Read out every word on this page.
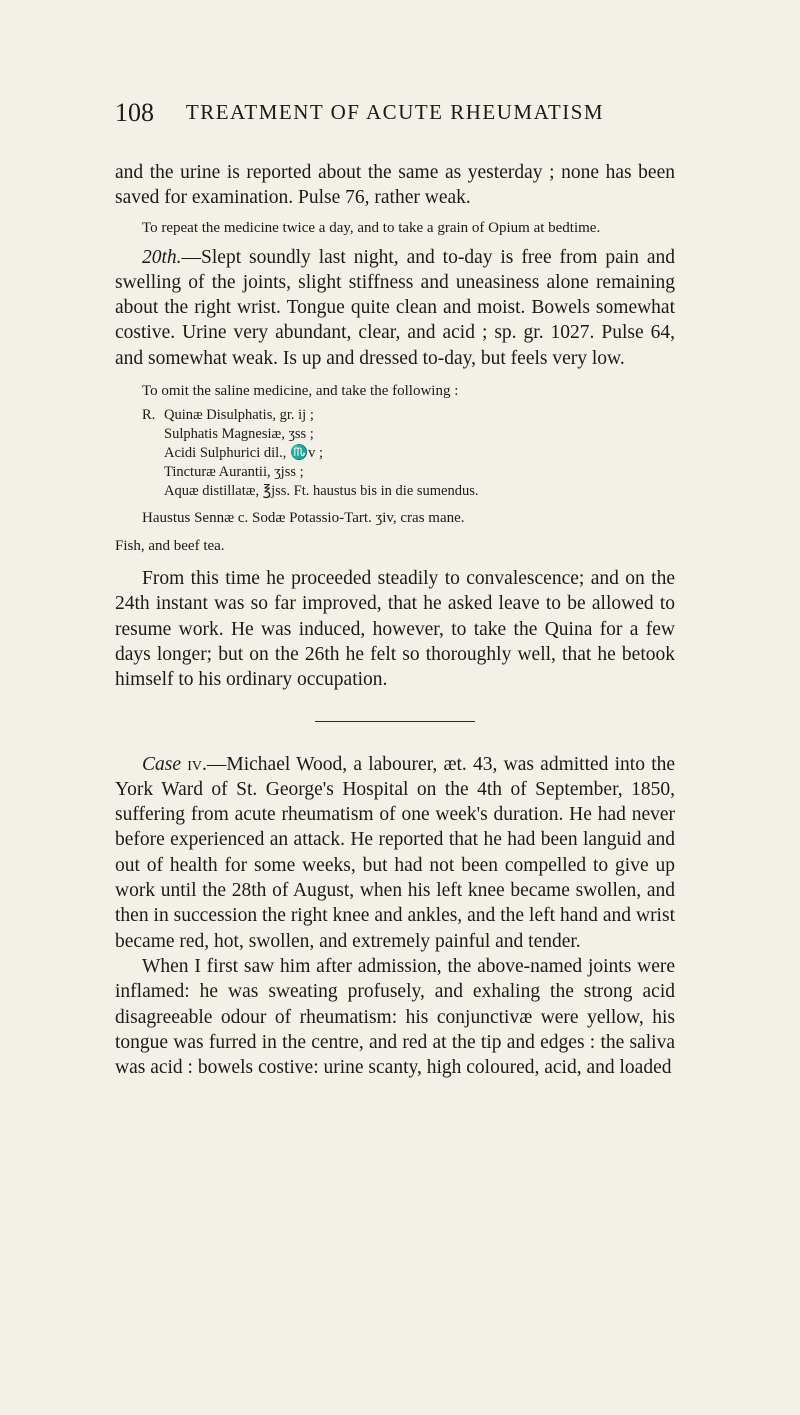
108	TREATMENT OF ACUTE RHEUMATISM

and the urine is reported about the same as yesterday ; none has been saved for examination. Pulse 76, rather weak.

To repeat the medicine twice a day, and to take a grain of Opium at bedtime.

20th.—Slept soundly last night, and to-day is free from pain and swelling of the joints, slight stiffness and uneasiness alone remaining about the right wrist. Tongue quite clean and moist. Bowels somewhat costive. Urine very abundant, clear, and acid ; sp. gr. 1027. Pulse 64, and somewhat weak. Is up and dressed to-day, but feels very low.

To omit the saline medicine, and take the following :

R. Quinæ Disulphatis, gr. ij ;
Sulphatis Magnesiæ, ʒss ;
Acidi Sulphurici dil., ♏v ;
Tincturæ Aurantii, ʒjss ;
Aquæ distillatæ, ℥jss. Ft. haustus bis in die sumendus.

Haustus Sennæ c. Sodæ Potassio-Tart. ʒiv, cras mane.

Fish, and beef tea.

From this time he proceeded steadily to convalescence; and on the 24th instant was so far improved, that he asked leave to be allowed to resume work. He was induced, however, to take the Quina for a few days longer; but on the 26th he felt so thoroughly well, that he betook himself to his ordinary occupation.

Case iv.—Michael Wood, a labourer, æt. 43, was admitted into the York Ward of St. George's Hospital on the 4th of September, 1850, suffering from acute rheumatism of one week's duration. He had never before experienced an attack. He reported that he had been languid and out of health for some weeks, but had not been compelled to give up work until the 28th of August, when his left knee became swollen, and then in succession the right knee and ankles, and the left hand and wrist became red, hot, swollen, and extremely painful and tender.

When I first saw him after admission, the above-named joints were inflamed: he was sweating profusely, and exhaling the strong acid disagreeable odour of rheumatism: his conjunctivæ were yellow, his tongue was furred in the centre, and red at the tip and edges : the saliva was acid : bowels costive: urine scanty, high coloured, acid, and loaded
